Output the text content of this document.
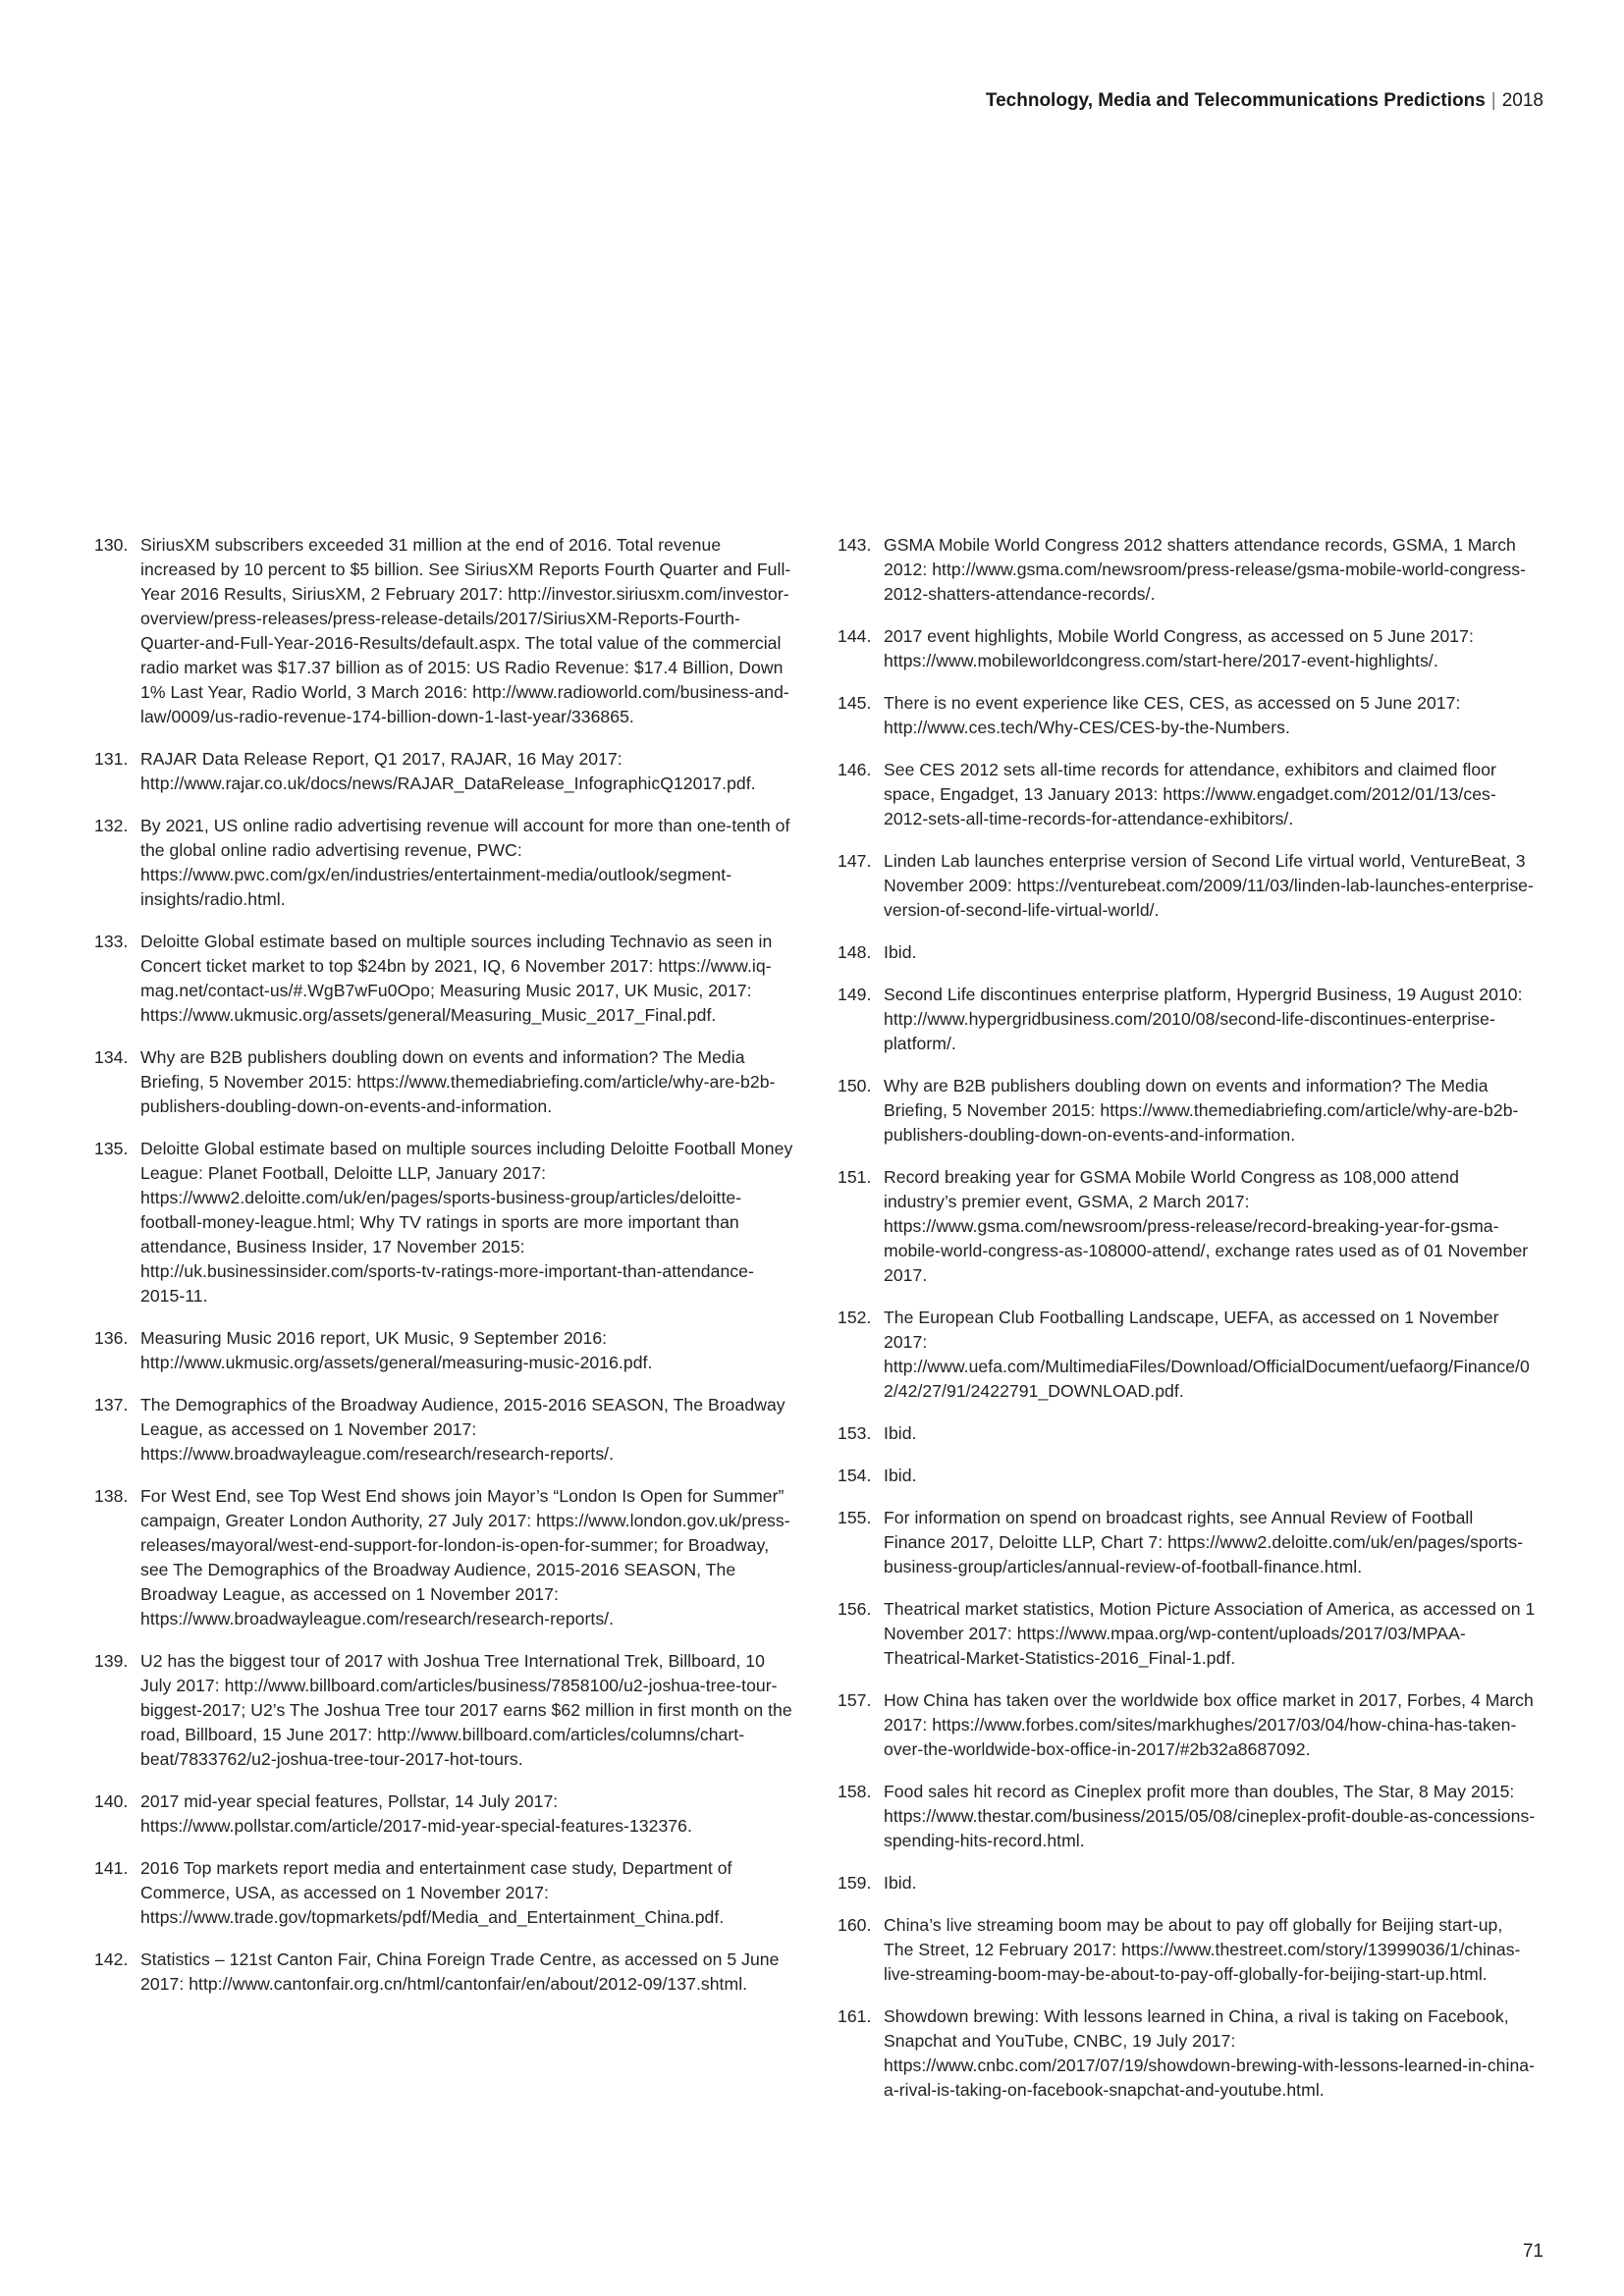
Technology, Media and Telecommunications Predictions | 2018
130. SiriusXM subscribers exceeded 31 million at the end of 2016. Total revenue increased by 10 percent to $5 billion. See SiriusXM Reports Fourth Quarter and Full-Year 2016 Results, SiriusXM, 2 February 2017: http://investor.siriusxm.com/investor-overview/press-releases/press-release-details/2017/SiriusXM-Reports-Fourth-Quarter-and-Full-Year-2016-Results/default.aspx. The total value of the commercial radio market was $17.37 billion as of 2015: US Radio Revenue: $17.4 Billion, Down 1% Last Year, Radio World, 3 March 2016: http://www.radioworld.com/business-and-law/0009/us-radio-revenue-174-billion-down-1-last-year/336865.
131. RAJAR Data Release Report, Q1 2017, RAJAR, 16 May 2017: http://www.rajar.co.uk/docs/news/RAJAR_DataRelease_InfographicQ12017.pdf.
132. By 2021, US online radio advertising revenue will account for more than one-tenth of the global online radio advertising revenue, PWC: https://www.pwc.com/gx/en/industries/entertainment-media/outlook/segment-insights/radio.html.
133. Deloitte Global estimate based on multiple sources including Technavio as seen in Concert ticket market to top $24bn by 2021, IQ, 6 November 2017: https://www.iq-mag.net/contact-us/#.WgB7wFu0Opo; Measuring Music 2017, UK Music, 2017: https://www.ukmusic.org/assets/general/Measuring_Music_2017_Final.pdf.
134. Why are B2B publishers doubling down on events and information? The Media Briefing, 5 November 2015: https://www.themediabriefing.com/article/why-are-b2b-publishers-doubling-down-on-events-and-information.
135. Deloitte Global estimate based on multiple sources including Deloitte Football Money League: Planet Football, Deloitte LLP, January 2017: https://www2.deloitte.com/uk/en/pages/sports-business-group/articles/deloitte-football-money-league.html; Why TV ratings in sports are more important than attendance, Business Insider, 17 November 2015: http://uk.businessinsider.com/sports-tv-ratings-more-important-than-attendance-2015-11.
136. Measuring Music 2016 report, UK Music, 9 September 2016: http://www.ukmusic.org/assets/general/measuring-music-2016.pdf.
137. The Demographics of the Broadway Audience, 2015-2016 SEASON, The Broadway League, as accessed on 1 November 2017: https://www.broadwayleague.com/research/research-reports/.
138. For West End, see Top West End shows join Mayor’s “London Is Open for Summer” campaign, Greater London Authority, 27 July 2017: https://www.london.gov.uk/press-releases/mayoral/west-end-support-for-london-is-open-for-summer; for Broadway, see The Demographics of the Broadway Audience, 2015-2016 SEASON, The Broadway League, as accessed on 1 November 2017: https://www.broadwayleague.com/research/research-reports/.
139. U2 has the biggest tour of 2017 with Joshua Tree International Trek, Billboard, 10 July 2017: http://www.billboard.com/articles/business/7858100/u2-joshua-tree-tour-biggest-2017; U2’s The Joshua Tree tour 2017 earns $62 million in first month on the road, Billboard, 15 June 2017: http://www.billboard.com/articles/columns/chart-beat/7833762/u2-joshua-tree-tour-2017-hot-tours.
140. 2017 mid-year special features, Pollstar, 14 July 2017: https://www.pollstar.com/article/2017-mid-year-special-features-132376.
141. 2016 Top markets report media and entertainment case study, Department of Commerce, USA, as accessed on 1 November 2017: https://www.trade.gov/topmarkets/pdf/Media_and_Entertainment_China.pdf.
142. Statistics – 121st Canton Fair, China Foreign Trade Centre, as accessed on 5 June 2017: http://www.cantonfair.org.cn/html/cantonfair/en/about/2012-09/137.shtml.
143. GSMA Mobile World Congress 2012 shatters attendance records, GSMA, 1 March 2012: http://www.gsma.com/newsroom/press-release/gsma-mobile-world-congress-2012-shatters-attendance-records/.
144. 2017 event highlights, Mobile World Congress, as accessed on 5 June 2017: https://www.mobileworldcongress.com/start-here/2017-event-highlights/.
145. There is no event experience like CES, CES, as accessed on 5 June 2017: http://www.ces.tech/Why-CES/CES-by-the-Numbers.
146. See CES 2012 sets all-time records for attendance, exhibitors and claimed floor space, Engadget, 13 January 2013: https://www.engadget.com/2012/01/13/ces-2012-sets-all-time-records-for-attendance-exhibitors/.
147. Linden Lab launches enterprise version of Second Life virtual world, VentureBeat, 3 November 2009: https://venturebeat.com/2009/11/03/linden-lab-launches-enterprise-version-of-second-life-virtual-world/.
148. Ibid.
149. Second Life discontinues enterprise platform, Hypergrid Business, 19 August 2010: http://www.hypergridbusiness.com/2010/08/second-life-discontinues-enterprise-platform/.
150. Why are B2B publishers doubling down on events and information? The Media Briefing, 5 November 2015: https://www.themediabriefing.com/article/why-are-b2b-publishers-doubling-down-on-events-and-information.
151. Record breaking year for GSMA Mobile World Congress as 108,000 attend industry’s premier event, GSMA, 2 March 2017: https://www.gsma.com/newsroom/press-release/record-breaking-year-for-gsma-mobile-world-congress-as-108000-attend/, exchange rates used as of 01 November 2017.
152. The European Club Footballing Landscape, UEFA, as accessed on 1 November 2017: http://www.uefa.com/MultimediaFiles/Download/OfficialDocument/uefaorg/Finance/02/42/27/91/2422791_DOWNLOAD.pdf.
153. Ibid.
154. Ibid.
155. For information on spend on broadcast rights, see Annual Review of Football Finance 2017, Deloitte LLP, Chart 7: https://www2.deloitte.com/uk/en/pages/sports-business-group/articles/annual-review-of-football-finance.html.
156. Theatrical market statistics, Motion Picture Association of America, as accessed on 1 November 2017: https://www.mpaa.org/wp-content/uploads/2017/03/MPAA-Theatrical-Market-Statistics-2016_Final-1.pdf.
157. How China has taken over the worldwide box office market in 2017, Forbes, 4 March 2017: https://www.forbes.com/sites/markhughes/2017/03/04/how-china-has-taken-over-the-worldwide-box-office-in-2017/#2b32a8687092.
158. Food sales hit record as Cineplex profit more than doubles, The Star, 8 May 2015: https://www.thestar.com/business/2015/05/08/cineplex-profit-double-as-concessions-spending-hits-record.html.
159. Ibid.
160. China’s live streaming boom may be about to pay off globally for Beijing start-up, The Street, 12 February 2017: https://www.thestreet.com/story/13999036/1/chinas-live-streaming-boom-may-be-about-to-pay-off-globally-for-beijing-start-up.html.
161. Showdown brewing: With lessons learned in China, a rival is taking on Facebook, Snapchat and YouTube, CNBC, 19 July 2017: https://www.cnbc.com/2017/07/19/showdown-brewing-with-lessons-learned-in-china-a-rival-is-taking-on-facebook-snapchat-and-youtube.html.
71
